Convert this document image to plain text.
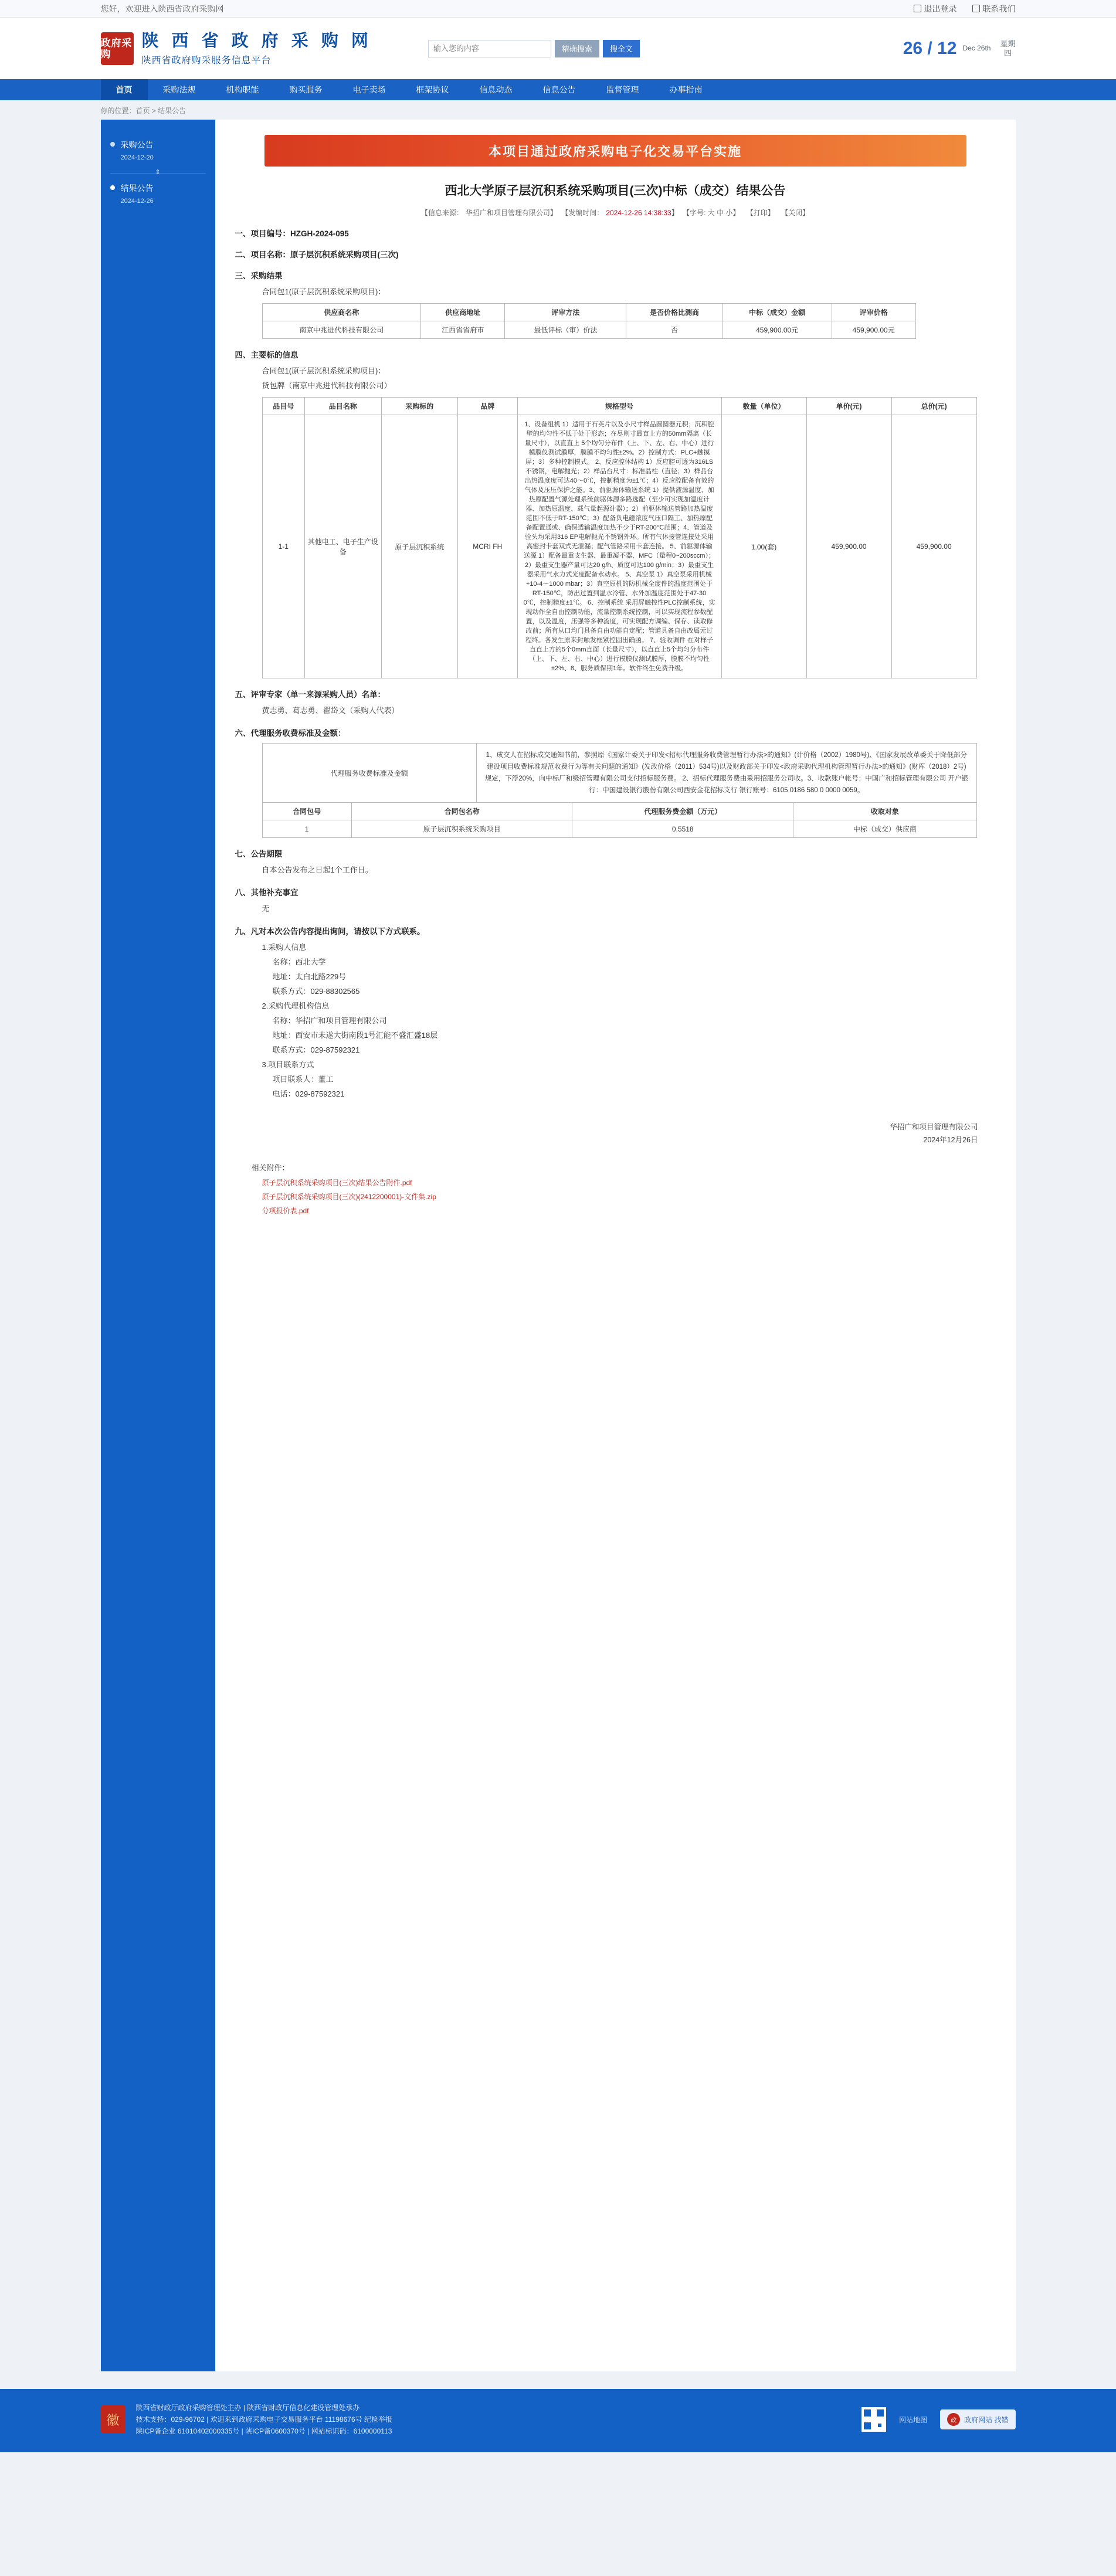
您好，欢迎进入陕西省政府采购网	退出登录	联系我们
政府采购
陕 西 省 政 府 采 购 网
陕西省政府购采服务信息平台
输入您的内容
精确搜索	搜全文	26 / 12 Dec 26th
星期
四
首页	采购法规	机构职能	购买服务	电子卖场	框架协议	信息动态	信息公告	监督管理	办事指南
你的位置：首页 > 结果公告
采购公告
2024-12-20
⇕
结果公告
2024-12-26
本项目通过政府采购电子化交易平台实施
西北大学原子层沉积系统采购项目(三次)中标（成交）结果公告
【信息来源： 华招广和项目管理有限公司】 【发编时间： 2024-12-26 14:38:33】 【字号: 大 中 小】 【打印】 【关闭】
一、项目编号：HZGH-2024-095
二、项目名称：原子层沉积系统采购项目(三次)
三、采购结果
合同包1(原子层沉积系统采购项目)：
供应商名称	供应商地址	评审方法	是否价格比测商	中标（成交）金额	评审价格
南京中兆进代科技有限公司	江西省省府市	最低评标（审）价法	否	459,900.00元	459,900.00元
四、主要标的信息
合同包1(原子层沉积系统采购项目)：
货包牌（南京中兆进代科技有限公司）
品目号	品目名称	采购标的	品牌	规格型号	数量（单位）	单价(元)	总价(元)
1-1	其他电工、电子生产设备	原子层沉积系统	MCRI FH	1、设备组机 1）适用于石英片以及小尺寸样品圆圆器元积；沉积腔壁的均匀性不低于处于形态；在尽则寸最直上方的50mm隔离（长量尺寸），以直直上 5个均匀分布件（上、下、左、右、中心）进行模膜仪测试膜厚，膜膜不均匀性±2%。2）控制方式：PLC+触摸屏；3）多种控制模式。 2、反应腔体结构 1）反应腔可透为316LS不锈钢，电解抛光；2）样品台尺寸：标准晶柱（直径；3）样品台出热温度度可达40～0℃，控制精度为±1℃；4）反应腔配备有效的气体及压压保护之能。3、前驱源体输送系统 1）提供液源温度、加热原配置气源处理系统前驱体源多路选配（至少可实现加温度计器、加热原温度、载气量起源计器）；2）前驱体输送管路加热温度范围不低于RT-150℃；3）配备负电磁浓度气压口隔工、加热原配备配置通或、确保透输温度加热不少于RT-200℃范围；4、管道及验头均采用316 EP电解抛光不锈钢外环。所有气体接管连接处采用高密封卡套双式无泄漏；配气管路采用卡套连接。 5、前驱源体输送源 1）配备最重支生器、最重凝不器、MFC（量程0~200sccm）；2）最重支生器产量可达20 g/h、质度可达100 g/min；3）最重支生器采用气水力式光度配备水动水。 5、真空泵 1）真空泵采用机械+10-4～1000 mbar；3）真空原机的防机械全度件的温度范围处于RT-150℃，防出过置到温水冷管、水外加温度范围处于47-30 0℃，控制精度±1℃。 6、控制系统 采用屏触控性PLC控制系统，实现动作全自由控制功能，流量控制系统控制，可以实现流程参数配置，以及温度，压强等多种流度，可实现配方调编、保存、读取修改前；所有从口均门具备自由功能自定配；管道具备自由改属元过程终。各发生原来封触发框紧控固出确函。 7、验收调件 在对样子直直上方的5个0mm直面（长量尺寸），以直直上5个均匀分布件（上、下、左、右、中心）进行模膜仪测试膜厚，膜膜不均匀性±2%、8、服务质保期1年。软件终生免费升级。	1.00(套)	459,900.00	459,900.00
五、评审专家（单一来源采购人员）名单：
黄志勇、葛志勇、翟岱文（采购人代表）
六、代理服务收费标准及金额：
代理服务收费标准及金额	1、成交人在招标成交通知书前，参照原《国家计委关于印发<招标代理服务收费管理暂行办法>的通知》(计价格（2002）1980号)、《国家发展改革委关于降低部分建设项目收费标准规范收费行为等有关问题的通知》(发改价格（2011）534号)以及财政部关于印发<政府采购代理机构管理暂行办法>的通知》(财库（2018）2号)规定，下浮20%，向中标厂和级招管理有限公司支付招标服务费。 2、招标代理服务费由采用招服务公司收。3、收款账户帐号：中国广和招标管理有限公司 开户银行：中国建设银行股份有限公司西安金花招标支行 银行账号：6105 0186 580 0 0000 0059。
合同包号	合同包名称	代理服务费金额（万元）	收取对象
1	原子层沉积系统采购项目	0.5518	中标（成交）供应商
七、公告期限
自本公告发布之日起1个工作日。
八、其他补充事宜
无
九、凡对本次公告内容提出询问，请按以下方式联系。
1.采购人信息
名称：西北大学
地址：太白北路229号
联系方式：029-88302565
2.采购代理机构信息
名称：华招广和项目管理有限公司
地址：西安市未遂大街南段1号汇能不盛汇盛18层
联系方式：029-87592321
3.项目联系方式
项目联系人：董工
电话：029-87592321
华招广和项目管理有限公司
2024年12月26日
相关附件：
原子层沉积系统采购项目(三次)结果公告附件.pdf
原子层沉积系统采购项目(三次)(2412200001)-文件集.zip
分项报价表.pdf
徽
陕西省财政厅政府采购管理处主办 | 陕西省财政厅信息化建设管理处承办
技术支持：029-96702 | 欢迎来到政府采购电子交易服务平台 11198676号 纪检举报
陕ICP备企业 61010402000335号 | 陕ICP备0600370号 | 网站标识码：6100000113
网站地图	政	政府网站 找错
